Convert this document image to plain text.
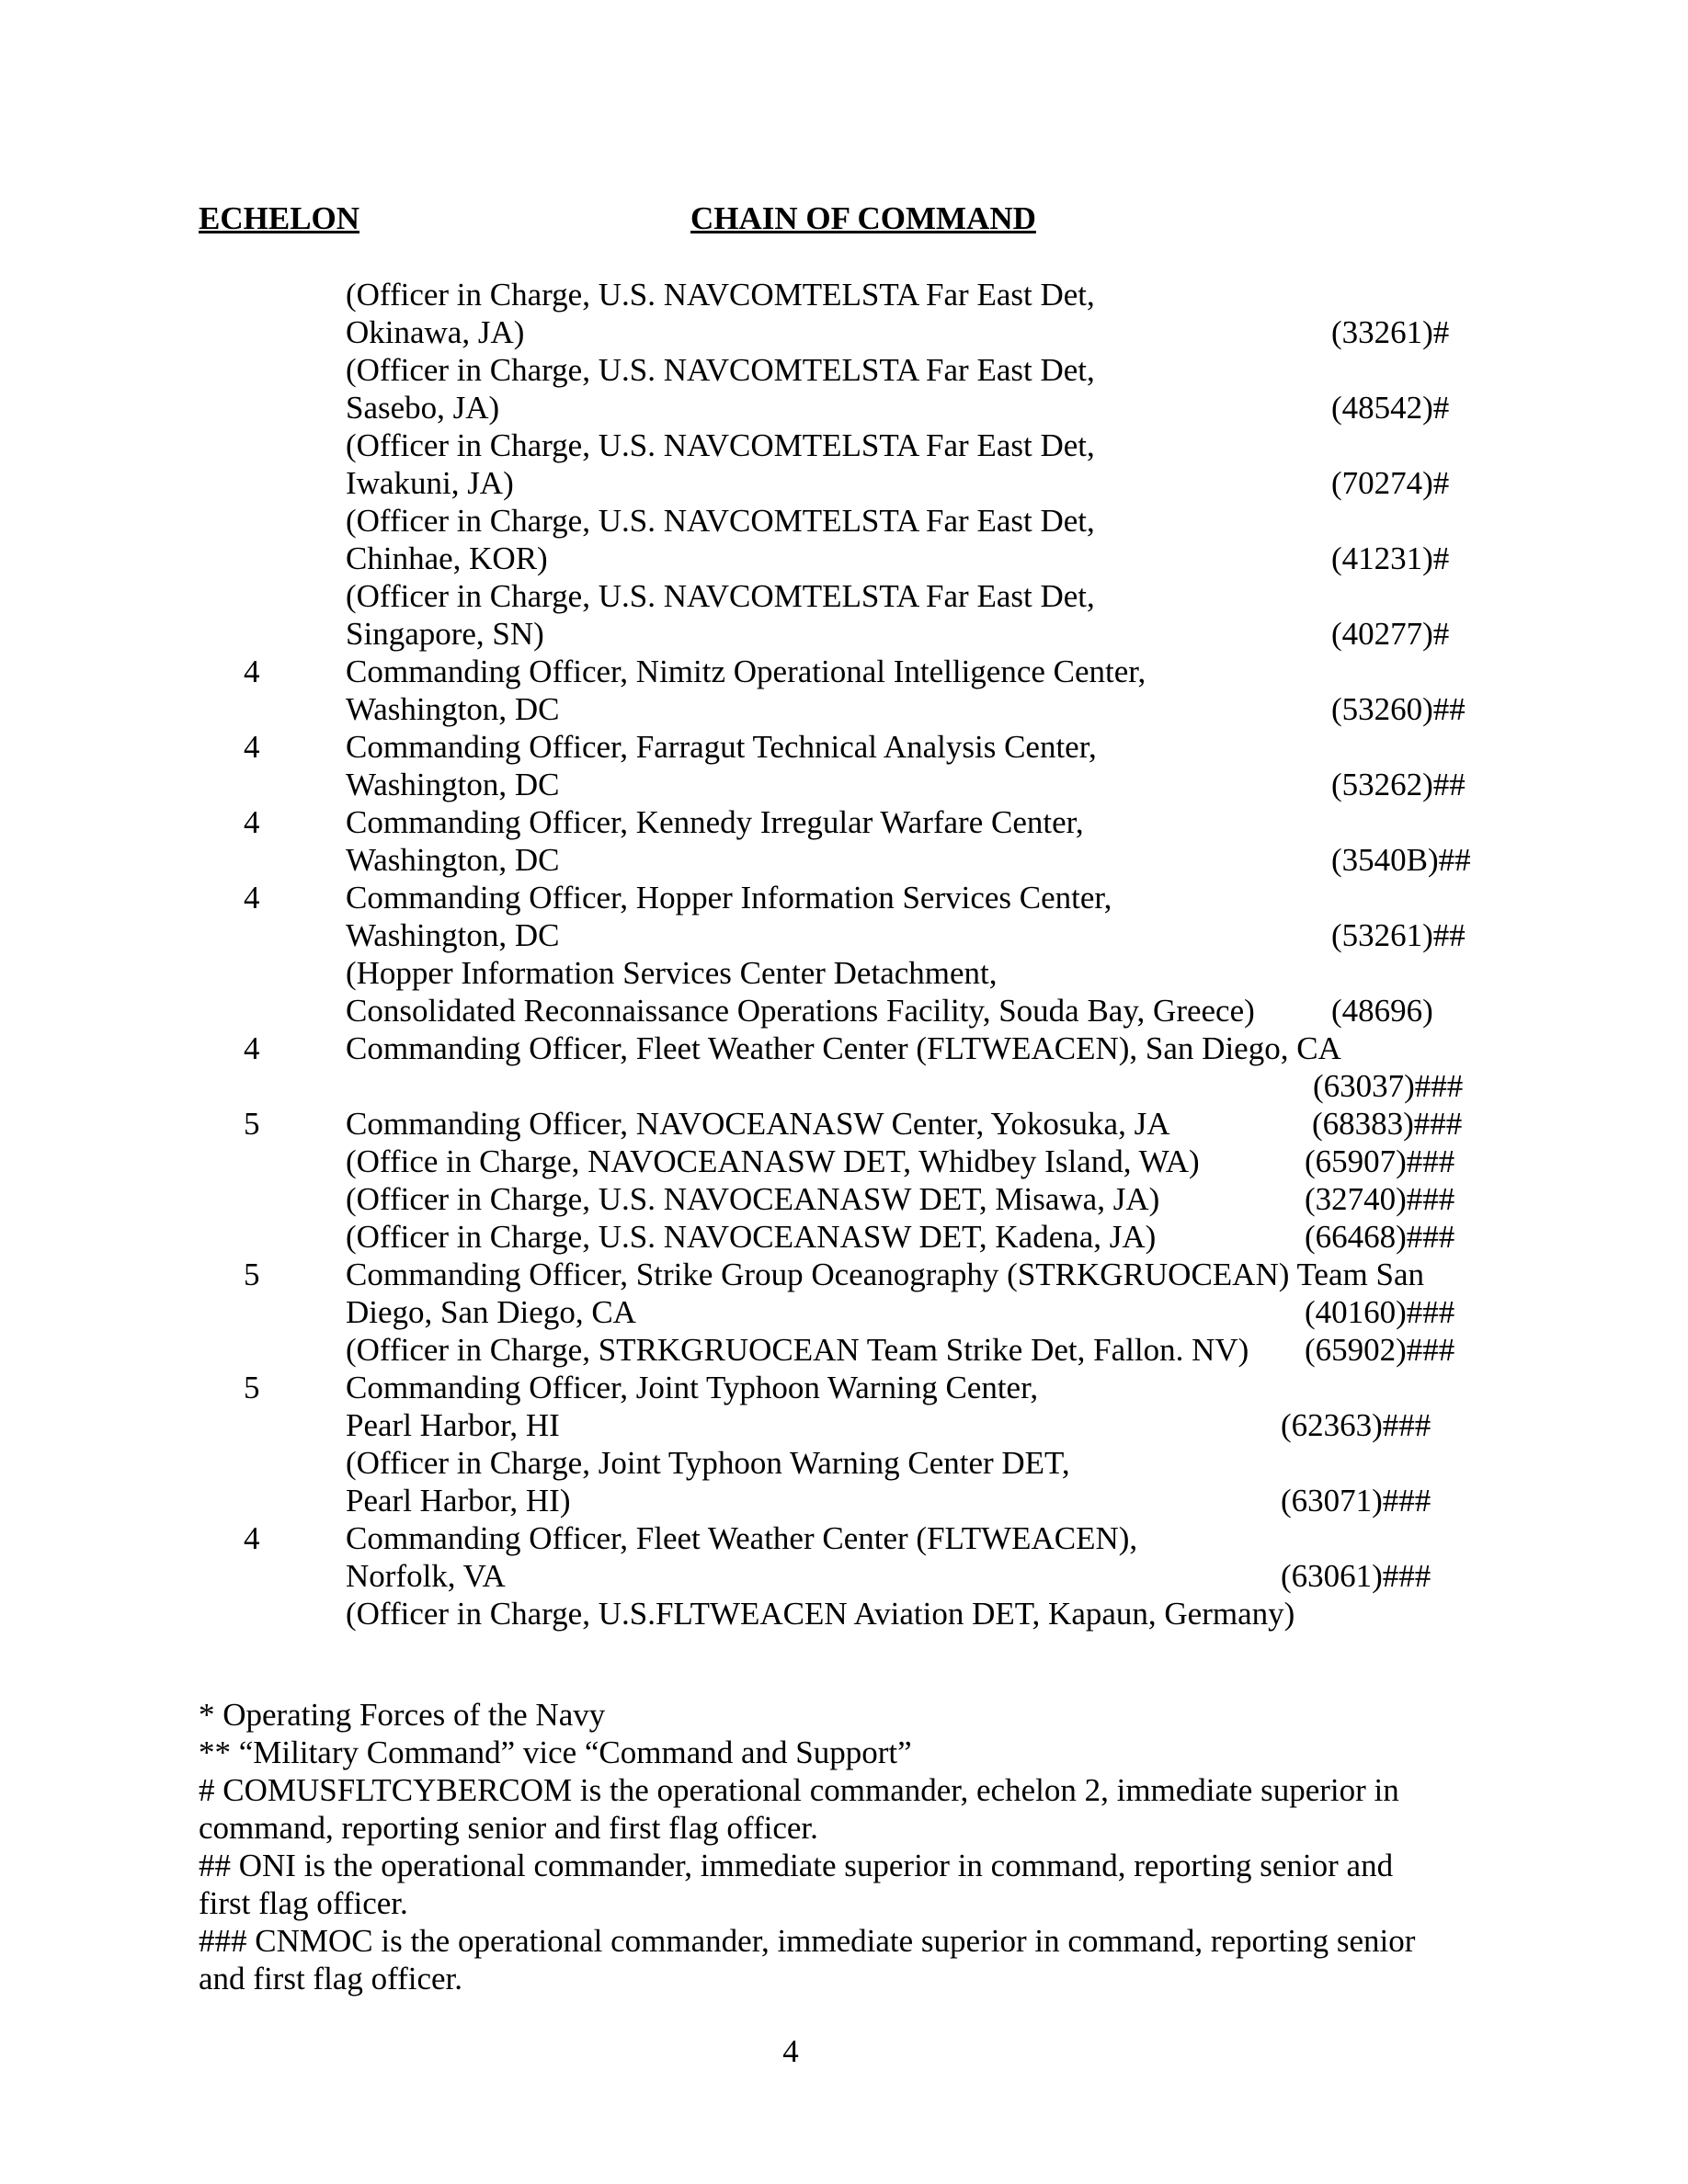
ECHELON	CHAIN OF COMMAND
(Officer in Charge, U.S. NAVCOMTELSTA Far East Det,
Okinawa, JA)	(33261)#
(Officer in Charge, U.S. NAVCOMTELSTA Far East Det,
Sasebo, JA)	(48542)#
(Officer in Charge, U.S. NAVCOMTELSTA Far East Det,
Iwakuni, JA)	(70274)#
(Officer in Charge, U.S. NAVCOMTELSTA Far East Det,
Chinhae, KOR)	(41231)#
(Officer in Charge, U.S. NAVCOMTELSTA Far East Det,
Singapore, SN)	(40277)#
4	Commanding Officer, Nimitz Operational Intelligence Center,
Washington, DC	(53260)##
4	Commanding Officer, Farragut Technical Analysis Center,
Washington, DC	(53262)##
4	Commanding Officer, Kennedy Irregular Warfare Center,
Washington, DC	(3540B)##
4	Commanding Officer, Hopper Information Services Center,
Washington, DC	(53261)##
(Hopper Information Services Center Detachment,
Consolidated Reconnaissance Operations Facility, Souda Bay, Greece) (48696)
4	Commanding Officer, Fleet Weather Center (FLTWEACEN), San Diego, CA
(63037)###
5	Commanding Officer, NAVOCEANASW Center, Yokosuka, JA	(68383)###
(Office in Charge, NAVOCEANASW DET, Whidbey Island, WA)	(65907)###
(Officer in Charge, U.S. NAVOCEANASW DET, Misawa, JA)	(32740)###
(Officer in Charge, U.S. NAVOCEANASW DET, Kadena, JA)	(66468)###
5	Commanding Officer, Strike Group Oceanography (STRKGRUOCEAN) Team San
Diego, San Diego, CA	(40160)###
(Officer in Charge, STRKGRUOCEAN Team Strike Det, Fallon. NV) (65902)###
5	Commanding Officer, Joint Typhoon Warning Center,
Pearl Harbor, HI	(62363)###
(Officer in Charge, Joint Typhoon Warning Center DET,
Pearl Harbor, HI)	(63071)###
4	Commanding Officer, Fleet Weather Center (FLTWEACEN),
Norfolk, VA	(63061)###
(Officer in Charge, U.S.FLTWEACEN Aviation DET, Kapaun, Germany)
* Operating Forces of the Navy
** “Military Command” vice “Command and Support”
# COMUSFLTCYBERCOM is the operational commander, echelon 2, immediate superior in
command, reporting senior and first flag officer.
## ONI is the operational commander, immediate superior in command, reporting senior and
first flag officer.
### CNMOC is the operational commander, immediate superior in command, reporting senior
and first flag officer.
4
